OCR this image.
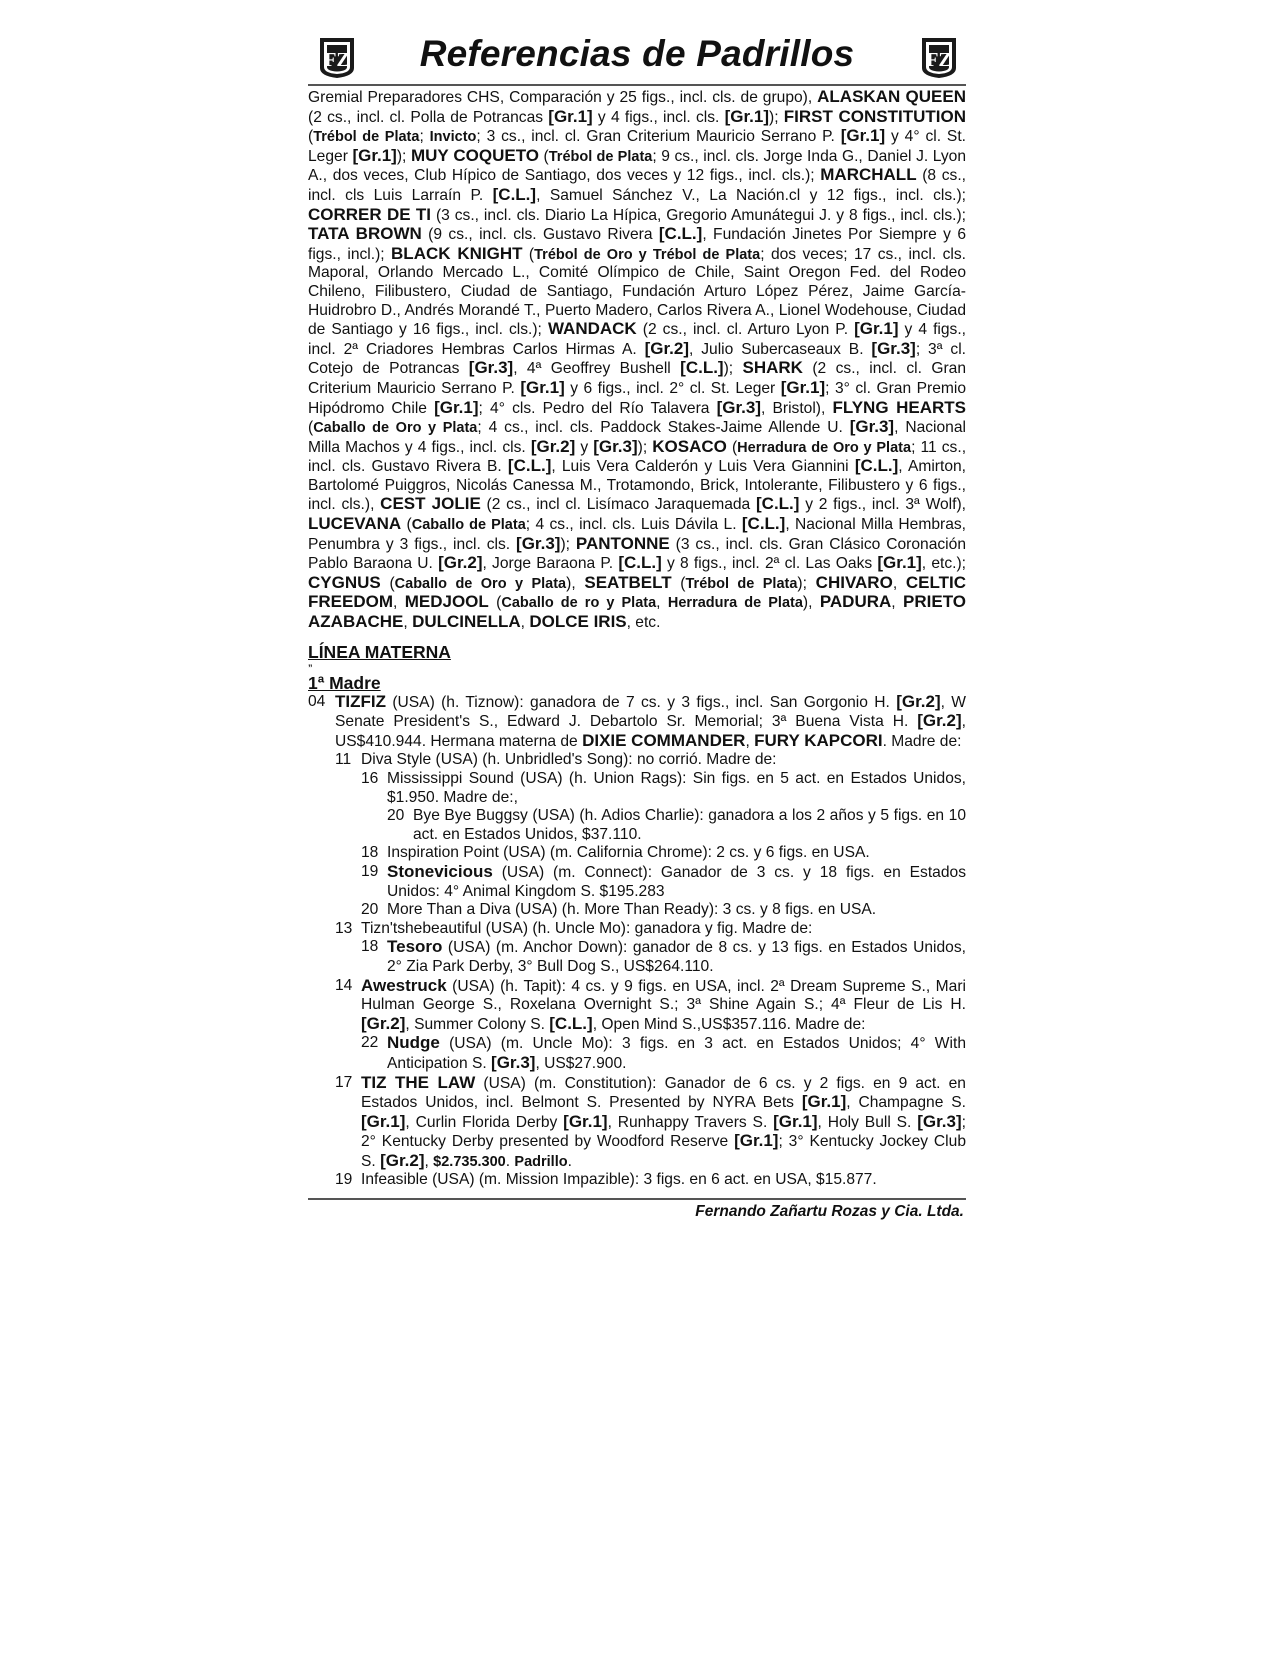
FZ	Referencias de Padrillos	FZ
Gremial Preparadores CHS, Comparación y 25 figs., incl. cls. de grupo), ALASKAN QUEEN (2 cs., incl. cl. Polla de Potrancas [Gr.1] y 4 figs., incl. cls. [Gr.1]); FIRST CONSTITUTION (Trébol de Plata; Invicto; 3 cs., incl. cl. Gran Criterium Mauricio Serrano P. [Gr.1] y 4° cl. St. Leger [Gr.1]); MUY COQUETO (Trébol de Plata; 9 cs., incl. cls. Jorge Inda G., Daniel J. Lyon A., dos veces, Club Hípico de Santiago, dos veces y 12 figs., incl. cls.); MARCHALL (8 cs., incl. cls Luis Larraín P. [C.L.], Samuel Sánchez V., La Nación.cl y 12 figs., incl. cls.); CORRER DE TI (3 cs., incl. cls. Diario La Hípica, Gregorio Amunátegui J. y 8 figs., incl. cls.); TATA BROWN (9 cs., incl. cls. Gustavo Rivera [C.L.], Fundación Jinetes Por Siempre y 6 figs., incl.); BLACK KNIGHT (Trébol de Oro y Trébol de Plata; dos veces; 17 cs., incl. cls. Maporal, Orlando Mercado L., Comité Olímpico de Chile, Saint Oregon Fed. del Rodeo Chileno, Filibustero, Ciudad de Santiago, Fundación Arturo López Pérez, Jaime García-Huidrobro D., Andrés Morandé T., Puerto Madero, Carlos Rivera A., Lionel Wodehouse, Ciudad de Santiago y 16 figs., incl. cls.); WANDACK (2 cs., incl. cl. Arturo Lyon P. [Gr.1] y 4 figs., incl. 2ª Criadores Hembras Carlos Hirmas A. [Gr.2], Julio Subercaseaux B. [Gr.3]; 3ª cl. Cotejo de Potrancas [Gr.3], 4ª Geoffrey Bushell [C.L.]); SHARK (2 cs., incl. cl. Gran Criterium Mauricio Serrano P. [Gr.1] y 6 figs., incl. 2° cl. St. Leger [Gr.1]; 3° cl. Gran Premio Hipódromo Chile [Gr.1]; 4° cls. Pedro del Río Talavera [Gr.3], Bristol), FLYNG HEARTS (Caballo de Oro y Plata; 4 cs., incl. cls. Paddock Stakes-Jaime Allende U. [Gr.3], Nacional Milla Machos y 4 figs., incl. cls. [Gr.2] y [Gr.3]); KOSACO (Herradura de Oro y Plata; 11 cs., incl. cls. Gustavo Rivera B. [C.L.], Luis Vera Calderón y Luis Vera Giannini [C.L.], Amirton, Bartolomé Puiggros, Nicolás Canessa M., Trotamondo, Brick, Intolerante, Filibustero y 6 figs., incl. cls.), CEST JOLIE (2 cs., incl cl. Lisímaco Jaraquemada [C.L.] y 2 figs., incl. 3ª Wolf), LUCEVANA (Caballo de Plata; 4 cs., incl. cls. Luis Dávila L. [C.L.], Nacional Milla Hembras, Penumbra y 3 figs., incl. cls. [Gr.3]); PANTONNE (3 cs., incl. cls. Gran Clásico Coronación Pablo Baraona U. [Gr.2], Jorge Baraona P. [C.L.] y 8 figs., incl. 2ª cl. Las Oaks [Gr.1], etc.); CYGNUS (Caballo de Oro y Plata), SEATBELT (Trébol de Plata); CHIVARO, CELTIC FREEDOM, MEDJOOL (Caballo de ro y Plata, Herradura de Plata), PADURA, PRIETO AZABACHE, DULCINELLA, DOLCE IRIS, etc.
LÍNEA MATERNA
”
1ª Madre
04 TIZFIZ (USA) (h. Tiznow): ganadora de 7 cs. y 3 figs., incl. San Gorgonio H. [Gr.2], W Senate President's S., Edward J. Debartolo Sr. Memorial; 3ª Buena Vista H. [Gr.2], US$410.944. Hermana materna de DIXIE COMMANDER, FURY KAPCORI. Madre de:
11 Diva Style (USA) (h. Unbridled's Song): no corrió. Madre de:
16 Mississippi Sound (USA) (h. Union Rags): Sin figs. en 5 act. en Estados Unidos, $1.950. Madre de:,
20 Bye Bye Buggsy (USA) (h. Adios Charlie): ganadora a los 2 años y 5 figs. en 10 act. en Estados Unidos, $37.110.
18 Inspiration Point (USA) (m. California Chrome): 2 cs. y 6 figs. en USA.
19 Stonevicious (USA) (m. Connect): Ganador de 3 cs. y 18 figs. en Estados Unidos: 4° Animal Kingdom S. $195.283
20 More Than a Diva (USA) (h. More Than Ready): 3 cs. y 8 figs. en USA.
13 Tizn'tshebeautiful (USA) (h. Uncle Mo): ganadora y fig. Madre de:
18 Tesoro (USA) (m. Anchor Down): ganador de 8 cs. y 13 figs. en Estados Unidos, 2° Zia Park Derby, 3° Bull Dog S., US$264.110.
14 Awestruck (USA) (h. Tapit): 4 cs. y 9 figs. en USA, incl. 2ª Dream Supreme S., Mari Hulman George S., Roxelana Overnight S.; 3ª Shine Again S.; 4ª Fleur de Lis H. [Gr.2], Summer Colony S. [C.L.], Open Mind S.,US$357.116. Madre de:
22 Nudge (USA) (m. Uncle Mo): 3 figs. en 3 act. en Estados Unidos; 4° With Anticipation S. [Gr.3], US$27.900.
17 TIZ THE LAW (USA) (m. Constitution): Ganador de 6 cs. y 2 figs. en 9 act. en Estados Unidos, incl. Belmont S. Presented by NYRA Bets [Gr.1], Champagne S. [Gr.1], Curlin Florida Derby [Gr.1], Runhappy Travers S. [Gr.1], Holy Bull S. [Gr.3]; 2° Kentucky Derby presented by Woodford Reserve [Gr.1]; 3° Kentucky Jockey Club S. [Gr.2], $2.735.300. Padrillo.
19 Infeasible (USA) (m. Mission Impazible): 3 figs. en 6 act. en USA, $15.877.
Fernando Zañartu Rozas y Cia. Ltda.
